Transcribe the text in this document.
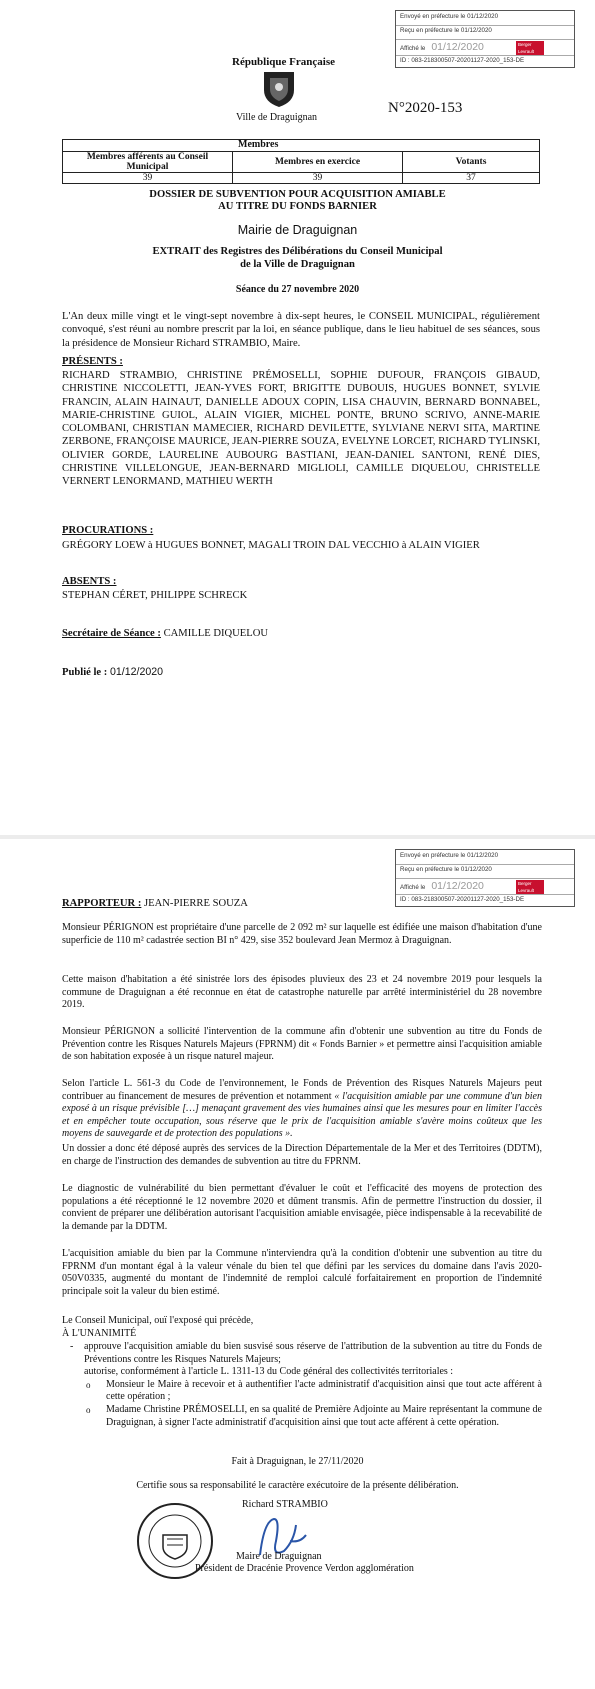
Envoyé en préfecture le 01/12/2020
Reçu en préfecture le 01/12/2020
Affiché le 01/12/2020	Berger Levrault
ID : 083-218300507-20201127-2020_153-DE
République Française
Ville de Draguignan
N°2020-153
Membres
Membres afférents au Conseil Municipal	Membres en exercice	Votants
39	39	37
DOSSIER DE SUBVENTION POUR ACQUISITION AMIABLE
AU TITRE DU FONDS BARNIER
Mairie de Draguignan
EXTRAIT des Registres des Délibérations du Conseil Municipal
de la Ville de Draguignan
Séance du 27 novembre 2020
L'An deux mille vingt et le vingt-sept novembre à dix-sept heures, le CONSEIL MUNICIPAL, régulièrement convoqué, s'est réuni au nombre prescrit par la loi, en séance publique, dans le lieu habituel de ses séances, sous la présidence de Monsieur Richard STRAMBIO, Maire.
PRÉSENTS :
RICHARD STRAMBIO, CHRISTINE PRÉMOSELLI, SOPHIE DUFOUR, FRANÇOIS GIBAUD, CHRISTINE NICCOLETTI, JEAN-YVES FORT, BRIGITTE DUBOUIS, HUGUES BONNET, SYLVIE FRANCIN, ALAIN HAINAUT, DANIELLE ADOUX COPIN, LISA CHAUVIN, BERNARD BONNABEL, MARIE-CHRISTINE GUIOL, ALAIN VIGIER, MICHEL PONTE, BRUNO SCRIVO, ANNE-MARIE COLOMBANI, CHRISTIAN MAMECIER, RICHARD DEVILETTE, SYLVIANE NERVI SITA, MARTINE ZERBONE, FRANÇOISE MAURICE, JEAN-PIERRE SOUZA, EVELYNE LORCET, RICHARD TYLINSKI, OLIVIER GORDE, LAURELINE AUBOURG BASTIANI, JEAN-DANIEL SANTONI, RENÉ DIES, CHRISTINE VILLELONGUE, JEAN-BERNARD MIGLIOLI, CAMILLE DIQUELOU, CHRISTELLE VERNERT LENORMAND, MATHIEU WERTH
PROCURATIONS :
GRÉGORY LOEW à HUGUES BONNET, MAGALI TROIN DAL VECCHIO à ALAIN VIGIER
ABSENTS :
STEPHAN CÉRET, PHILIPPE SCHRECK
Secrétaire de Séance : CAMILLE DIQUELOU
Publié le : 01/12/2020
Envoyé en préfecture le 01/12/2020
Reçu en préfecture le 01/12/2020
Affiché le 01/12/2020	Berger Levrault
ID : 083-218300507-20201127-2020_153-DE
RAPPORTEUR : JEAN-PIERRE SOUZA
Monsieur PÉRIGNON est propriétaire d'une parcelle de 2 092 m² sur laquelle est édifiée une maison d'habitation d'une superficie de 110 m² cadastrée section BI n° 429, sise 352 boulevard Jean Mermoz à Draguignan.
Cette maison d'habitation a été sinistrée lors des épisodes pluvieux des 23 et 24 novembre 2019 pour lesquels la commune de Draguignan a été reconnue en état de catastrophe naturelle par arrêté interministériel du 28 novembre 2019.
Monsieur PÉRIGNON a sollicité l'intervention de la commune afin d'obtenir une subvention au titre du Fonds de Prévention contre les Risques Naturels Majeurs (FPRNM) dit « Fonds Barnier » et permettre ainsi l'acquisition amiable de son habitation exposée à un risque naturel majeur.
Selon l'article L. 561-3 du Code de l'environnement, le Fonds de Prévention des Risques Naturels Majeurs peut contribuer au financement de mesures de prévention et notamment « l'acquisition amiable par une commune d'un bien exposé à un risque prévisible […] menaçant gravement des vies humaines ainsi que les mesures pour en limiter l'accès et en empêcher toute occupation, sous réserve que le prix de l'acquisition amiable s'avère moins coûteux que les moyens de sauvegarde et de protection des populations ».
Un dossier a donc été déposé auprès des services de la Direction Départementale de la Mer et des Territoires (DDTM), en charge de l'instruction des demandes de subvention au titre du FPRNM.
Le diagnostic de vulnérabilité du bien permettant d'évaluer le coût et l'efficacité des moyens de protection des populations a été réceptionné le 12 novembre 2020 et dûment transmis. Afin de permettre l'instruction du dossier, il convient de préparer une délibération autorisant l'acquisition amiable envisagée, pièce indispensable à la recevabilité de la demande par la DDTM.
L'acquisition amiable du bien par la Commune n'interviendra qu'à la condition d'obtenir une subvention au titre du FPRNM d'un montant égal à la valeur vénale du bien tel que défini par les services du domaine dans l'avis 2020-050V0335, augmenté du montant de l'indemnité de remploi calculé forfaitairement en proportion de l'indemnité principale soit la valeur du bien estimé.
Le Conseil Municipal, ouï l'exposé qui précède,
À L'UNANIMITÉ
- approuve l'acquisition amiable du bien susvisé sous réserve de l'attribution de la subvention au titre du Fonds de Préventions contre les Risques Naturels Majeurs;
autorise, conformément à l'article L. 1311-13 du Code général des collectivités territoriales :
o Monsieur le Maire à recevoir et à authentifier l'acte administratif d'acquisition ainsi que tout acte afférent à cette opération ;
o Madame Christine PRÉMOSELLI, en sa qualité de Première Adjointe au Maire représentant la commune de Draguignan, à signer l'acte administratif d'acquisition ainsi que tout acte afférent à cette opération.
Fait à Draguignan, le 27/11/2020
Certifie sous sa responsabilité le caractère exécutoire de la présente délibération.
Richard STRAMBIO
Maire de Draguignan
Président de Dracénie Provence Verdon agglomération
